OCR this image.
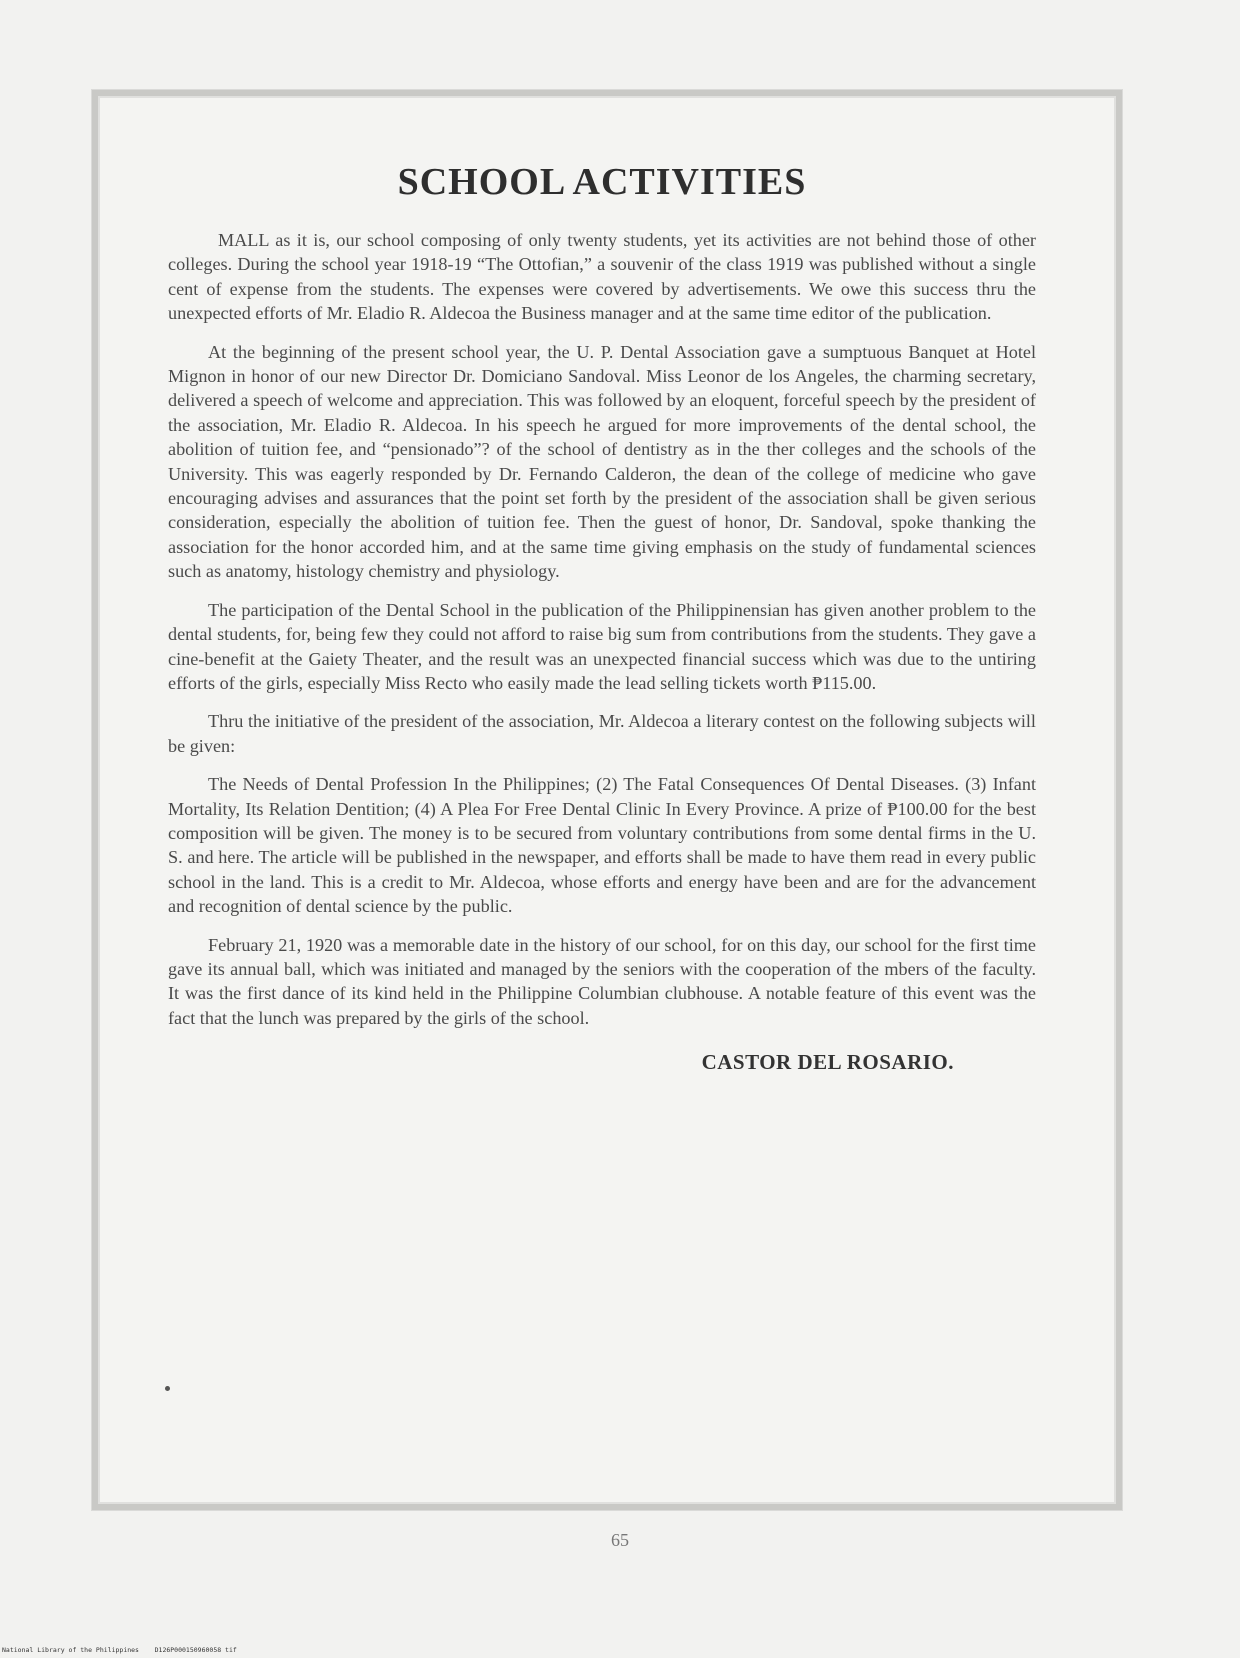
SCHOOL ACTIVITIES

MALL as it is, our school composing of only twenty students, yet its activities are not behind those of other colleges. During the school year 1918-19 “The Ottofian,” a souvenir of the class 1919 was published without a single cent of expense from the students. The expenses were covered by advertisements. We owe this success thru the unexpected efforts of Mr. Eladio R. Aldecoa the Business manager and at the same time editor of the publication.

At the beginning of the present school year, the U. P. Dental Association gave a sumptuous Banquet at Hotel Mignon in honor of our new Director Dr. Domiciano Sandoval. Miss Leonor de los Angeles, the charming secretary, delivered a speech of welcome and appreciation. This was followed by an eloquent, forceful speech by the president of the association, Mr. Eladio R. Aldecoa. In his speech he argued for more improvements of the dental school, the abolition of tuition fee, and “pensionado”? of the school of dentistry as in the ther colleges and the schools of the University. This was eagerly responded by Dr. Fernando Calderon, the dean of the college of medicine who gave encouraging advises and assurances that the point set forth by the president of the association shall be given serious consideration, especially the abolition of tuition fee. Then the guest of honor, Dr. Sandoval, spoke thanking the association for the honor accorded him, and at the same time giving emphasis on the study of fundamental sciences such as anatomy, histology chemistry and physiology.

The participation of the Dental School in the publication of the Philippinensian has given another problem to the dental students, for, being few they could not afford to raise big sum from contributions from the students. They gave a cine-benefit at the Gaiety Theater, and the result was an unexpected financial success which was due to the untiring efforts of the girls, especially Miss Recto who easily made the lead selling tickets worth ₱115.00.

Thru the initiative of the president of the association, Mr. Aldecoa a literary contest on the following subjects will be given:

The Needs of Dental Profession In the Philippines; (2) The Fatal Consequences Of Dental Diseases. (3) Infant Mortality, Its Relation Dentition; (4) A Plea For Free Dental Clinic In Every Province. A prize of ₱100.00 for the best composition will be given. The money is to be secured from voluntary contributions from some dental firms in the U. S. and here. The article will be published in the newspaper, and efforts shall be made to have them read in every public school in the land. This is a credit to Mr. Aldecoa, whose efforts and energy have been and are for the advancement and recognition of dental science by the public.

February 21, 1920 was a memorable date in the history of our school, for on this day, our school for the first time gave its annual ball, which was initiated and managed by the seniors with the cooperation of the mbers of the faculty. It was the first dance of its kind held in the Philippine Columbian clubhouse. A notable feature of this event was the fact that the lunch was prepared by the girls of the school.

CASTOR DEL ROSARIO.
65
National Library of the Philippines    D126P000150960058 tif
